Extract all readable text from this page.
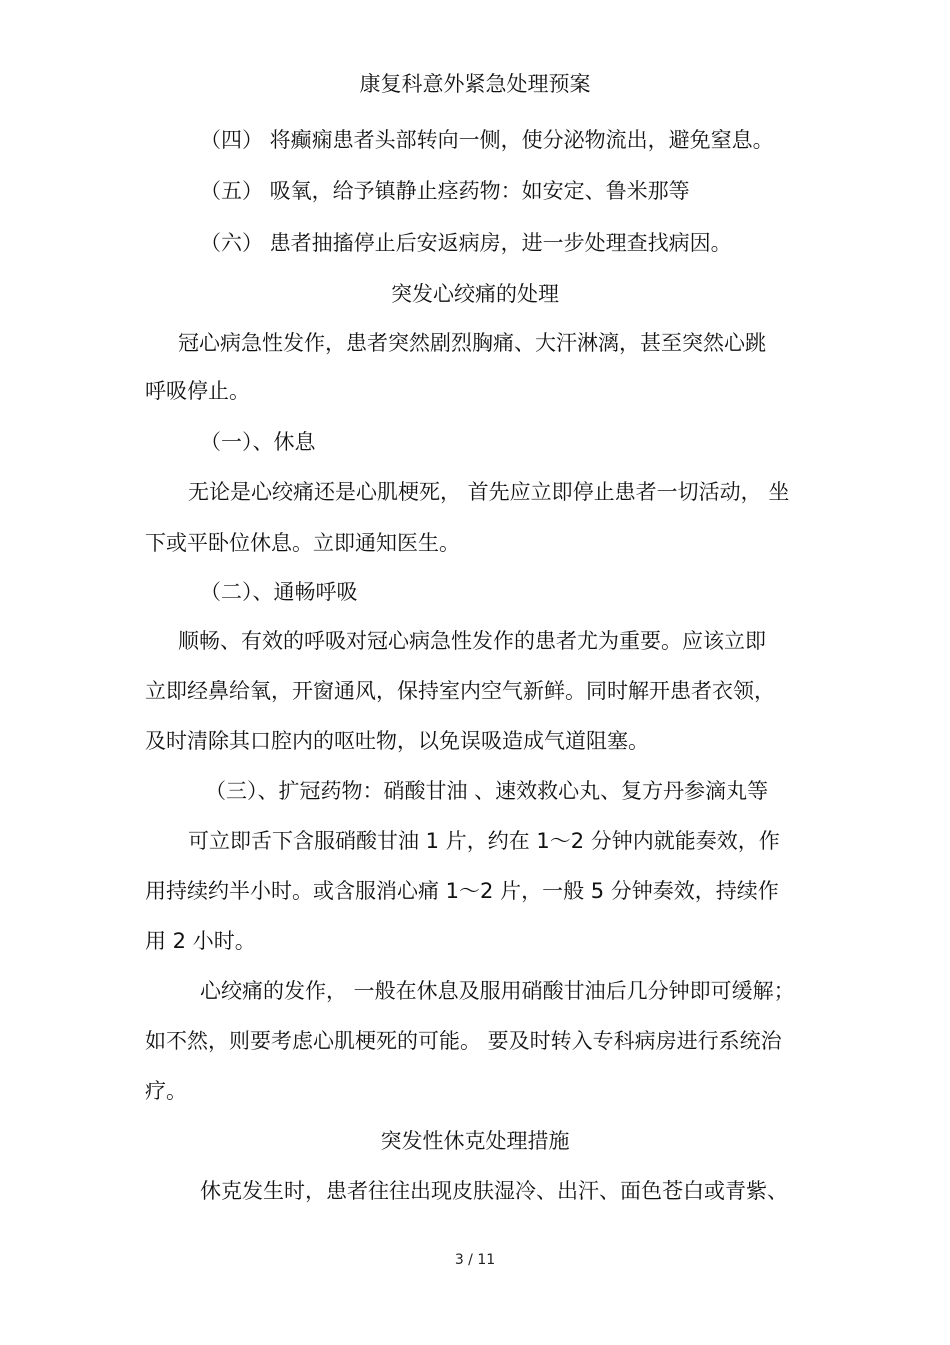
康复科意外紧急处理预案
（四） 将癫痫患者头部转向一侧，使分泌物流出，避免窒息。
（五） 吸氧，给予镇静止痉药物：如安定、鲁米那等
（六） 患者抽搐停止后安返病房，进一步处理查找病因。
突发心绞痛的处理
冠心病急性发作，患者突然剧烈胸痛、大汗淋漓，甚至突然心跳
呼吸停止。
（一）、休息
无论是心绞痛还是心肌梗死， 首先应立即停止患者一切活动， 坐
下或平卧位休息。立即通知医生。
（二）、通畅呼吸
顺畅、有效的呼吸对冠心病急性发作的患者尤为重要。应该立即
立即经鼻给氧，开窗通风，保持室内空气新鲜。同时解开患者衣领，
及时清除其口腔内的呕吐物，以免误吸造成气道阻塞。
（三）、扩冠药物：硝酸甘油 、速效救心丸、复方丹参滴丸等
可立即舌下含服硝酸甘油 1 片，约在 1～2 分钟内就能奏效，作
用持续约半小时。或含服消心痛 1～2 片，一般 5 分钟奏效，持续作
用 2 小时。
心绞痛的发作， 一般在休息及服用硝酸甘油后几分钟即可缓解；
如不然，则要考虑心肌梗死的可能。 要及时转入专科病房进行系统治
疗。
突发性休克处理措施
休克发生时，患者往往出现皮肤湿冷、出汗、面色苍白或青紫、
3 / 11
